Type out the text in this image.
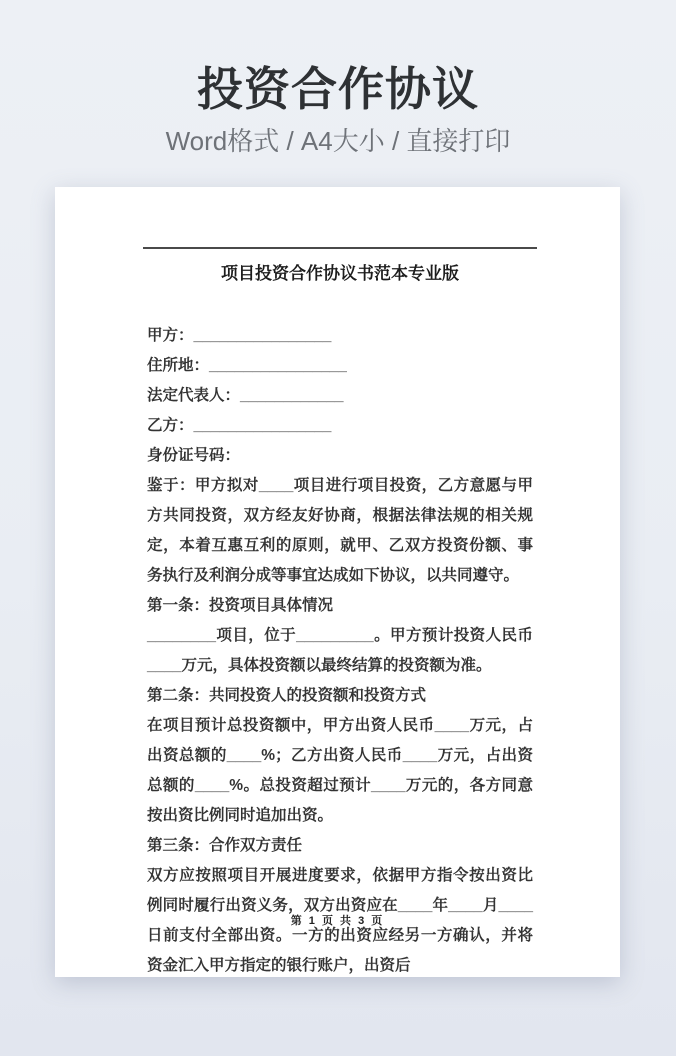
投资合作协议

Word格式 / A4大小 / 直接打印

项目投资合作协议书范本专业版

甲方：________________

住所地：________________

法定代表人：____________

乙方：________________

身份证号码：

鉴于：甲方拟对____项目进行项目投资，乙方意愿与甲方共同投资，双方经友好协商，根据法律法规的相关规定，本着互惠互利的原则，就甲、乙双方投资份额、事务执行及利润分成等事宜达成如下协议，以共同遵守。

第一条：投资项目具体情况

________项目，位于_________。甲方预计投资人民币____万元，具体投资额以最终结算的投资额为准。

第二条：共同投资人的投资额和投资方式

在项目预计总投资额中，甲方出资人民币____万元，占出资总额的____%；乙方出资人民币____万元，占出资总额的____%。总投资超过预计____万元的，各方同意按出资比例同时追加出资。

第三条：合作双方责任

双方应按照项目开展进度要求，依据甲方指令按出资比例同时履行出资义务，双方出资应在____年____月____日前支付全部出资。一方的出资应经另一方确认，并将资金汇入甲方指定的银行账户，出资后

第 1 页 共 3 页
